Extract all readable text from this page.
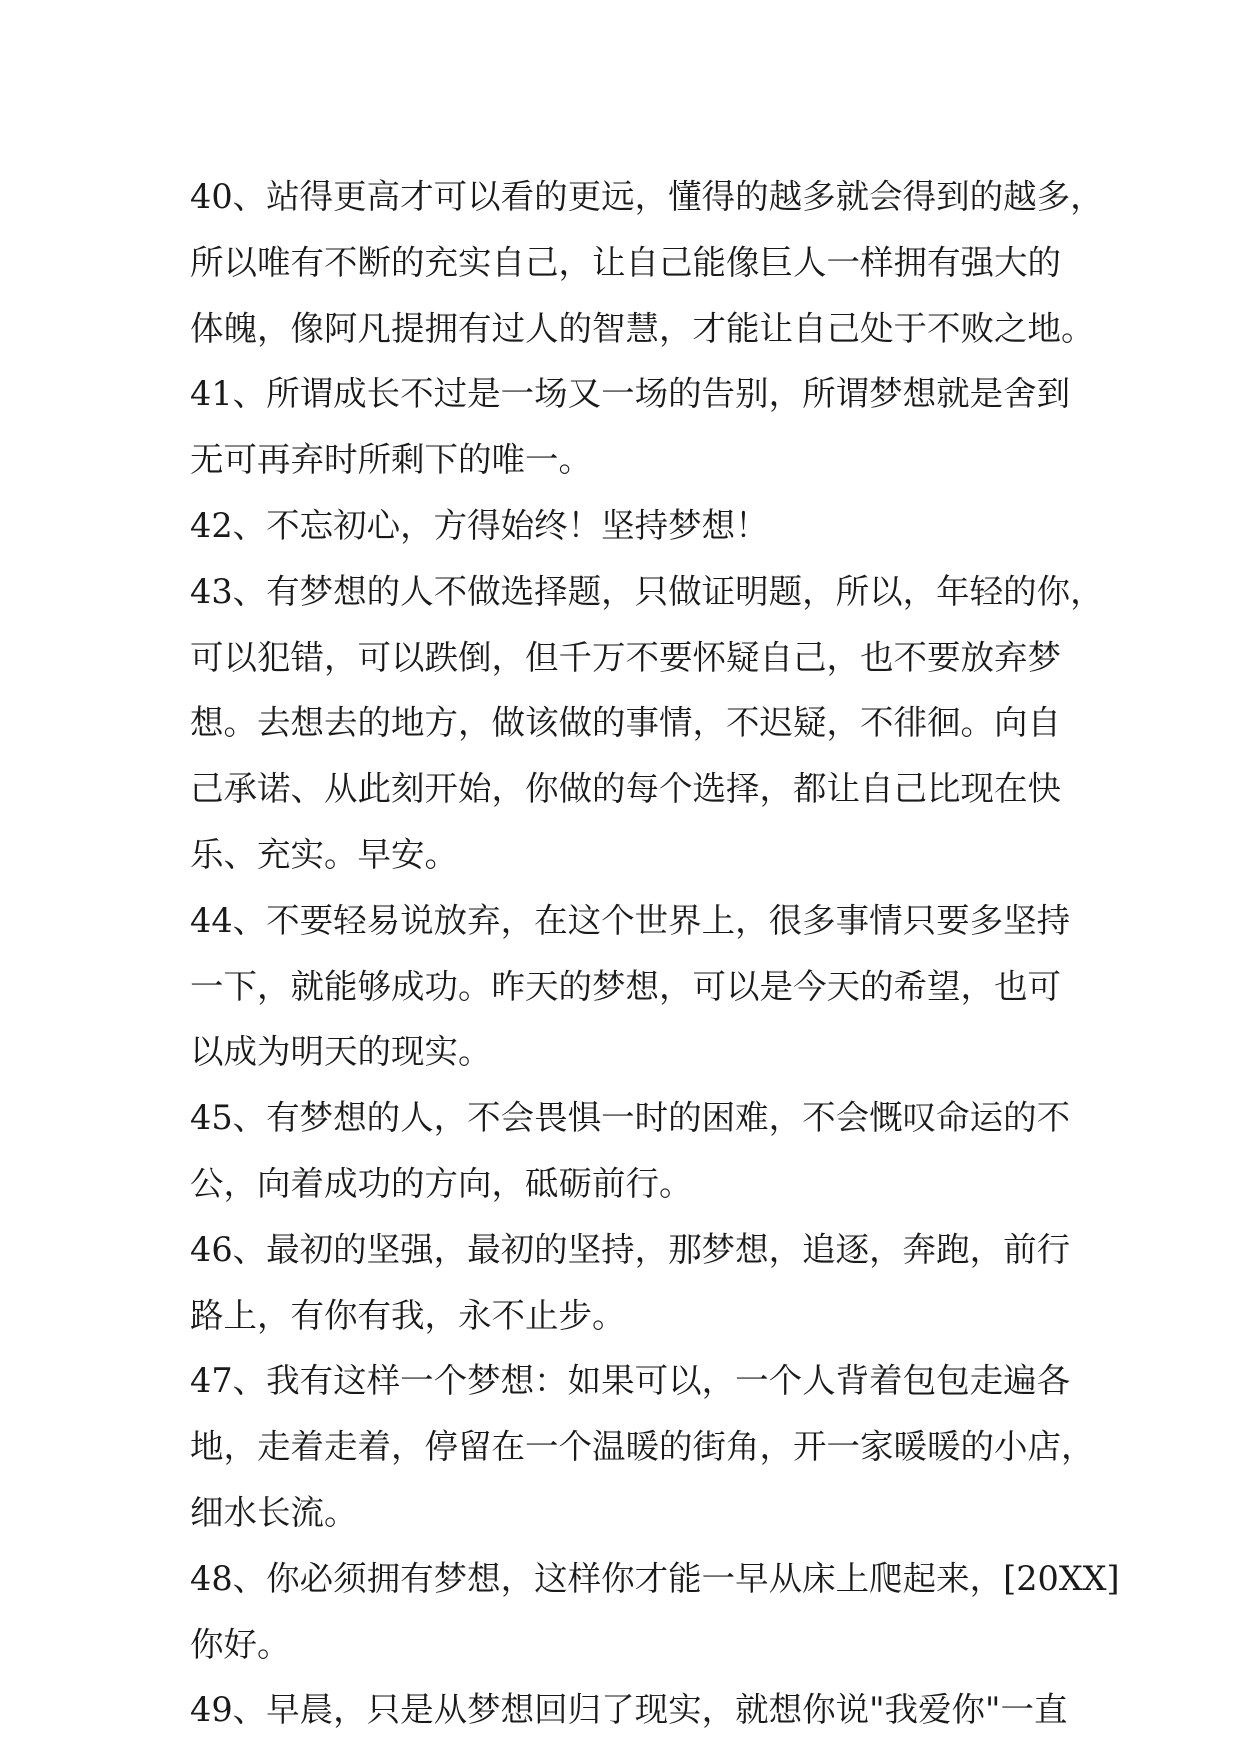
40、站得更高才可以看的更远，懂得的越多就会得到的越多，
所以唯有不断的充实自己，让自己能像巨人一样拥有强大的
体魄，像阿凡提拥有过人的智慧，才能让自己处于不败之地。
41、所谓成长不过是一场又一场的告别，所谓梦想就是舍到
无可再弃时所剩下的唯一。
42、不忘初心，方得始终！坚持梦想！
43、有梦想的人不做选择题，只做证明题，所以，年轻的你，
可以犯错，可以跌倒，但千万不要怀疑自己，也不要放弃梦
想。去想去的地方，做该做的事情，不迟疑，不徘徊。向自
己承诺、从此刻开始，你做的每个选择，都让自己比现在快
乐、充实。早安。
44、不要轻易说放弃，在这个世界上，很多事情只要多坚持
一下，就能够成功。昨天的梦想，可以是今天的希望，也可
以成为明天的现实。
45、有梦想的人，不会畏惧一时的困难，不会慨叹命运的不
公，向着成功的方向，砥砺前行。
46、最初的坚强，最初的坚持，那梦想，追逐，奔跑，前行
路上，有你有我，永不止步。
47、我有这样一个梦想：如果可以，一个人背着包包走遍各
地，走着走着，停留在一个温暖的街角，开一家暖暖的小店，
细水长流。
48、你必须拥有梦想，这样你才能一早从床上爬起来，[20XX]
你好。
49、早晨，只是从梦想回归了现实，就想你说"我爱你"一直
